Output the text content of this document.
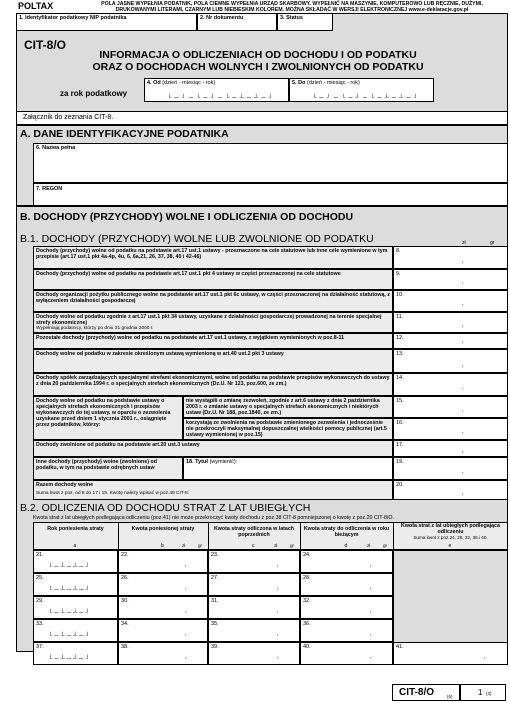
POLTAX	POLA JASNE WYPEŁNIA PODATNIK, POLA CIEMNE WYPEŁNIA URZĄD SKARBOWY. WYPEŁNIĆ NA MASZYNIE, KOMPUTEROWO LUB RĘCZNIE, DUŻYMI,
DRUKOWANYMI LITERAMI, CZARNYM LUB NIEBIESKIM KOLOREM. MOŻNA SKŁADAĆ W WERSJI ELEKTRONICZNEJ www.e-deklaracje.gov.pl
1. Identyfikator podatkowy NIP podatnika	2. Nr dokumentu	3. Status
CIT-8/O
INFORMACJA O ODLICZENIACH OD DOCHODU I OD PODATKU
ORAZ O DOCHODACH WOLNYCH I ZWOLNIONYCH OD PODATKU
za rok podatkowy
4. Od (dzień - miesiąc - rok)
└─┘─└─┘─└─┴─┴─┘
5. Do (dzień - miesiąc - rok)
└─┘─└─┘─└─┴─┴─┘
Załącznik do zeznania CIT-8.
A. DANE IDENTYFIKACYJNE PODATNIKA
6. Nazwa pełna
7. REGON
B. DOCHODY (PRZYCHODY) WOLNE I ODLICZENIA OD DOCHODU
B.1. DOCHODY (PRZYCHODY) WOLNE LUB ZWOLNIONE OD PODATKU	zł	gr
Dochody (przychody) wolne od podatku na podstawie art.17 ust.1 ustawy - przeznaczone na cele statutowe lub inne cele wymienione w tym przepisie (art.17 ust.1 pkt 4a-4p, 4u, 6, 6a,21, 26, 37, 38, 40 i 42-46)
8.
,
Dochody (przychody) wolne od podatku na podstawie art.17 ust.1 pkt 4 ustawy w części przeznaczonej na cele statutowe	9.
,
Dochody organizacji pożytku publicznego wolne na podstawie art.17 ust.1 pkt 6c ustawy, w części przeznaczonej na działalność statutową, z wyłączeniem działalności gospodarczej
10.
,
Dochody wolne od podatku zgodnie z art.17 ust.1 pkt 34 ustawy, uzyskane z działalności gospodarczej prowadzonej na terenie specjalnej strefy ekonomicznej
Wypełniają podatnicy, którzy po dniu 31 grudnia 2000 r.
11.
,
Pozostałe dochody (przychody) wolne od podatku na podstawie art.17 ust.1 ustawy, z wyjątkiem wymienionych w poz.8-11	12.	,
Dochody wolne od podatku w zakresie określonym ustawą wymienioną w art.40 ust.2 pkt 3 ustawy	13.
,
Dochody spółek zarządzających specjalnymi strefami ekonomicznymi, wolne od podatku na podstawie przepisów wykonawczych do ustawy z dnia 20 października 1994 r. o specjalnych strefach ekonomicznych (Dz.U. Nr 123, poz.600, ze zm.)
14.
,
Dochody wolne od podatku na podstawie ustawy o specjalnych strefach ekonomicznych i przepisów wykonawczych do tej ustawy, w oparciu o zezwolenia uzyskane przed dniem 1 stycznia 2001 r., osiągnięte przez podatników, którzy:
nie wystąpili o zmianę zezwoleń, zgodnie z art.6 ustawy z dnia 2 października 2003 r. o zmianie ustawy o specjalnych strefach ekonomicznych i niektórych ustaw (Dz.U. Nr 188, poz.1840, ze zm.)
15.
,
korzystają ze zwolnienia na podstawie zmienionego zezwolenia i jednocześnie nie przekroczyli maksymalnej dopuszczalnej wielkości pomocy publicznej (art.5 ustawy wymienionej w poz.15)
16.
,
Dochody zwolnione od podatku na podstawie art.20 ust.3 ustawy	17.
,
Inne dochody (przychody) wolne (zwolnione) od podatku, w tym na podstawie odrębnych ustaw
18. Tytuł (wymienić):	19.
,
Razem dochody wolne
Suma kwot z poz. od 8 do 17 i 19. Kwotę należy wpisać w poz.40 CIT-8.
20.
,
B.2. ODLICZENIA OD DOCHODU STRAT Z LAT UBIEGŁYCH
Kwota strat z lat ubiegłych podlegająca odliczeniu (poz.41) nie może przekroczyć kwoty dochodu z poz.38 CIT-8 pomniejszonej o kwotę z poz.20 CIT-8/O.
Rok poniesienia straty
a
Kwota poniesionej straty
b	zł	gr
Kwota straty odliczona w latach poprzednich
c	zł	gr
Kwota straty do odliczenia w roku bieżącym
d	zł	gr
Kwota strat z lat ubiegłych podlegająca odliczeniu
Suma kwot z poz.24, 28, 32, 36 i 40.
e
21.
└─┴─┴─┘
22.
,
23.
,
24.
,
25.
└─┴─┴─┘
26.
,
27.
,
28.
,
29.
└─┴─┴─┘
30.
,
31.
,
32.
,
33.
└─┴─┴─┘
34.
,
35.
,
36.
,
37.
└─┴─┴─┘
38.
,
39.
,
40.
,
41.
,
CIT-8/O	(6)	1 (3)
